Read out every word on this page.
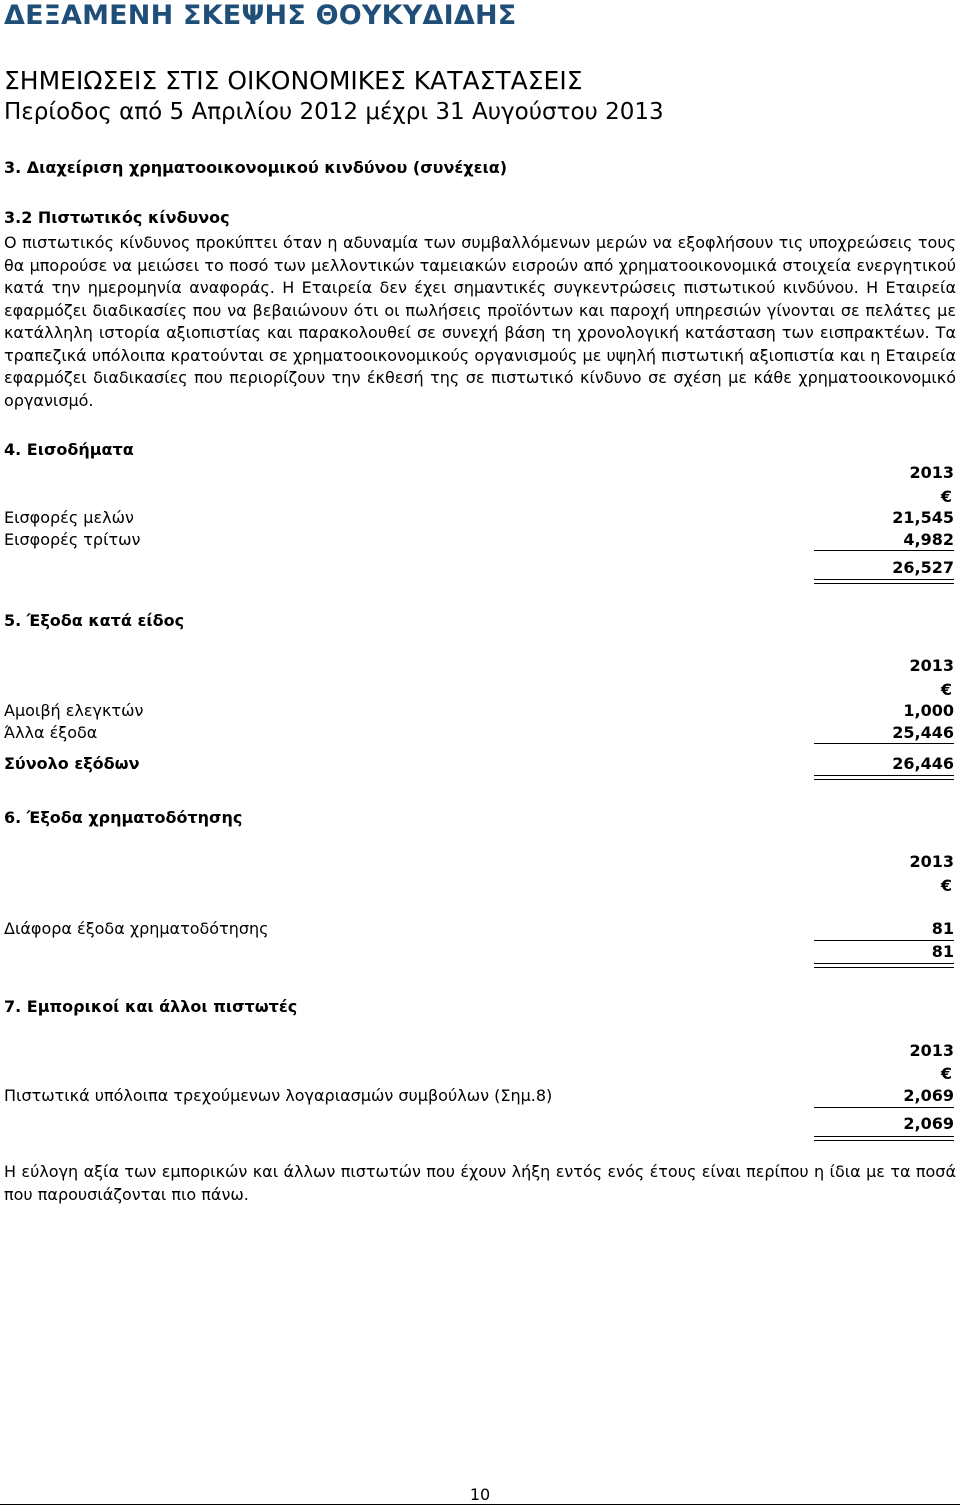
ΔΕΞΑΜΕΝΗ ΣΚΕΨΗΣ ΘΟΥΚΥΔΙΔΗΣ
ΣΗΜΕΙΩΣΕΙΣ ΣΤΙΣ ΟΙΚΟΝΟΜΙΚΕΣ ΚΑΤΑΣΤΑΣΕΙΣ
Περίοδος από 5 Απριλίου 2012 μέχρι 31 Αυγούστου 2013
3. Διαχείριση χρηματοοικονομικού κινδύνου (συνέχεια)
3.2 Πιστωτικός κίνδυνος
Ο πιστωτικός κίνδυνος προκύπτει όταν η αδυναμία των συμβαλλόμενων μερών να εξοφλήσουν τις υποχρεώσεις τους
θα μπορούσε να μειώσει το ποσό των μελλοντικών ταμειακών εισροών από χρηματοοικονομικά στοιχεία ενεργητικού
κατά την ημερομηνία αναφοράς. Η Εταιρεία δεν έχει σημαντικές συγκεντρώσεις πιστωτικού κινδύνου. Η Εταιρεία
εφαρμόζει διαδικασίες που να βεβαιώνουν ότι οι πωλήσεις προϊόντων και παροχή υπηρεσιών γίνονται σε πελάτες με
κατάλληλη ιστορία αξιοπιστίας και παρακολουθεί σε συνεχή βάση τη χρονολογική κατάσταση των εισπρακτέων. Τα
τραπεζικά υπόλοιπα κρατούνται σε χρηματοοικονομικούς οργανισμούς με υψηλή πιστωτική αξιοπιστία και η Εταιρεία
εφαρμόζει διαδικασίες που περιορίζουν την έκθεσή της σε πιστωτικό κίνδυνο σε σχέση με κάθε χρηματοοικονομικό
οργανισμό.
4. Εισοδήματα
2013
€
Εισφορές μελών	21,545
Εισφορές τρίτων	4,982
26,527
5. Έξοδα κατά είδος
2013
€
Αμοιβή ελεγκτών	1,000
Άλλα έξοδα	25,446
Σύνολο εξόδων	26,446
6. Έξοδα χρηματοδότησης
2013
€
Διάφορα έξοδα χρηματοδότησης	81
81
7. Εμπορικοί και άλλοι πιστωτές
2013
€
Πιστωτικά υπόλοιπα τρεχούμενων λογαριασμών συμβούλων (Σημ.8)	2,069
2,069
Η εύλογη αξία των εμπορικών και άλλων πιστωτών που έχουν λήξη εντός ενός έτους είναι περίπου η ίδια με τα ποσά
που παρουσιάζονται πιο πάνω.
10
